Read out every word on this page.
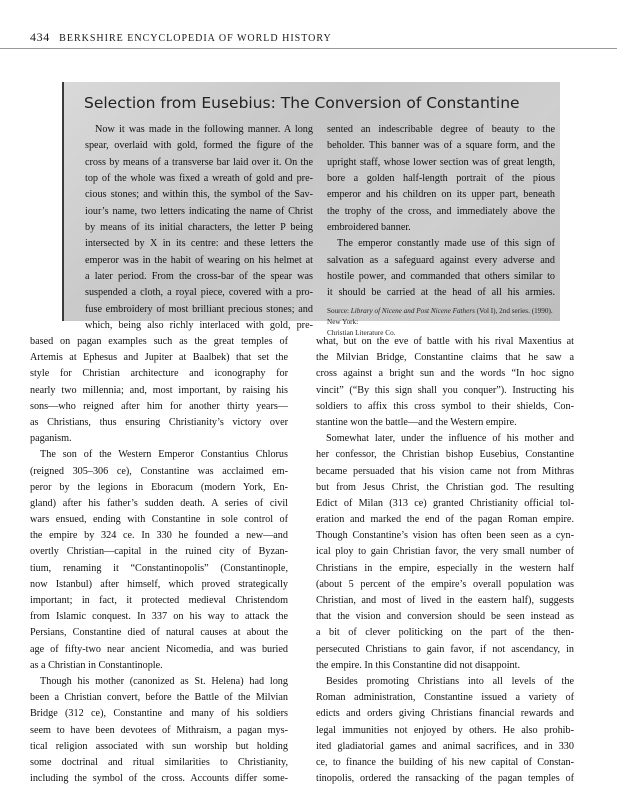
434 BERKSHIRE ENCYCLOPEDIA OF WORLD HISTORY
Selection from Eusebius: The Conversion of Constantine
Now it was made in the following manner. A long
spear, overlaid with gold, formed the figure of the
cross by means of a transverse bar laid over it. On the
top of the whole was fixed a wreath of gold and pre-
cious stones; and within this, the symbol of the Sav-
iour’s name, two letters indicating the name of Christ
by means of its initial characters, the letter P being
intersected by X in its centre: and these letters the
emperor was in the habit of wearing on his helmet at
a later period. From the cross-bar of the spear was
suspended a cloth, a royal piece, covered with a pro-
fuse embroidery of most brilliant precious stones; and
which, being also richly interlaced with gold, pre-
sented an indescribable degree of beauty to the
beholder. This banner was of a square form, and the
upright staff, whose lower section was of great length,
bore a golden half-length portrait of the pious
emperor and his children on its upper part, beneath
the trophy of the cross, and immediately above the
embroidered banner.
The emperor constantly made use of this sign of
salvation as a safeguard against every adverse and
hostile power, and commanded that others similar to
it should be carried at the head of all his armies.
Source: Library of Nicene and Post Nicene Fathers (Vol I), 2nd series. (1990). New York:
Christian Literature Co.
based on pagan examples such as the great temples of
Artemis at Ephesus and Jupiter at Baalbek) that set the
style for Christian architecture and iconography for
nearly two millennia; and, most important, by raising his
sons—who reigned after him for another thirty years—
as Christians, thus ensuring Christianity’s victory over
paganism.
The son of the Western Emperor Constantius Chlorus
(reigned 305–306 ce), Constantine was acclaimed em-
peror by the legions in Eboracum (modern York, En-
gland) after his father’s sudden death. A series of civil
wars ensued, ending with Constantine in sole control of
the empire by 324 ce. In 330 he founded a new—and
overtly Christian—capital in the ruined city of Byzan-
tium, renaming it “Constantinopolis” (Constantinople,
now Istanbul) after himself, which proved strategically
important; in fact, it protected medieval Christendom
from Islamic conquest. In 337 on his way to attack the
Persians, Constantine died of natural causes at about the
age of fifty-two near ancient Nicomedia, and was buried
as a Christian in Constantinople.
Though his mother (canonized as St. Helena) had long
been a Christian convert, before the Battle of the Milvian
Bridge (312 ce), Constantine and many of his soldiers
seem to have been devotees of Mithraism, a pagan mys-
tical religion associated with sun worship but holding
some doctrinal and ritual similarities to Christianity,
including the symbol of the cross. Accounts differ some-
what, but on the eve of battle with his rival Maxentius at
the Milvian Bridge, Constantine claims that he saw a
cross against a bright sun and the words “In hoc signo
vincit” (“By this sign shall you conquer”). Instructing his
soldiers to affix this cross symbol to their shields, Con-
stantine won the battle—and the Western empire.
Somewhat later, under the influence of his mother and
her confessor, the Christian bishop Eusebius, Constantine
became persuaded that his vision came not from Mithras
but from Jesus Christ, the Christian god. The resulting
Edict of Milan (313 ce) granted Christianity official tol-
eration and marked the end of the pagan Roman empire.
Though Constantine’s vision has often been seen as a cyn-
ical ploy to gain Christian favor, the very small number of
Christians in the empire, especially in the western half
(about 5 percent of the empire’s overall population was
Christian, and most of lived in the eastern half), suggests
that the vision and conversion should be seen instead as
a bit of clever politicking on the part of the then-
persecuted Christians to gain favor, if not ascendancy, in
the empire. In this Constantine did not disappoint.
Besides promoting Christians into all levels of the
Roman administration, Constantine issued a variety of
edicts and orders giving Christians financial rewards and
legal immunities not enjoyed by others. He also prohib-
ited gladiatorial games and animal sacrifices, and in 330
ce, to finance the building of his new capital of Constan-
tinopolis, ordered the ransacking of the pagan temples of
